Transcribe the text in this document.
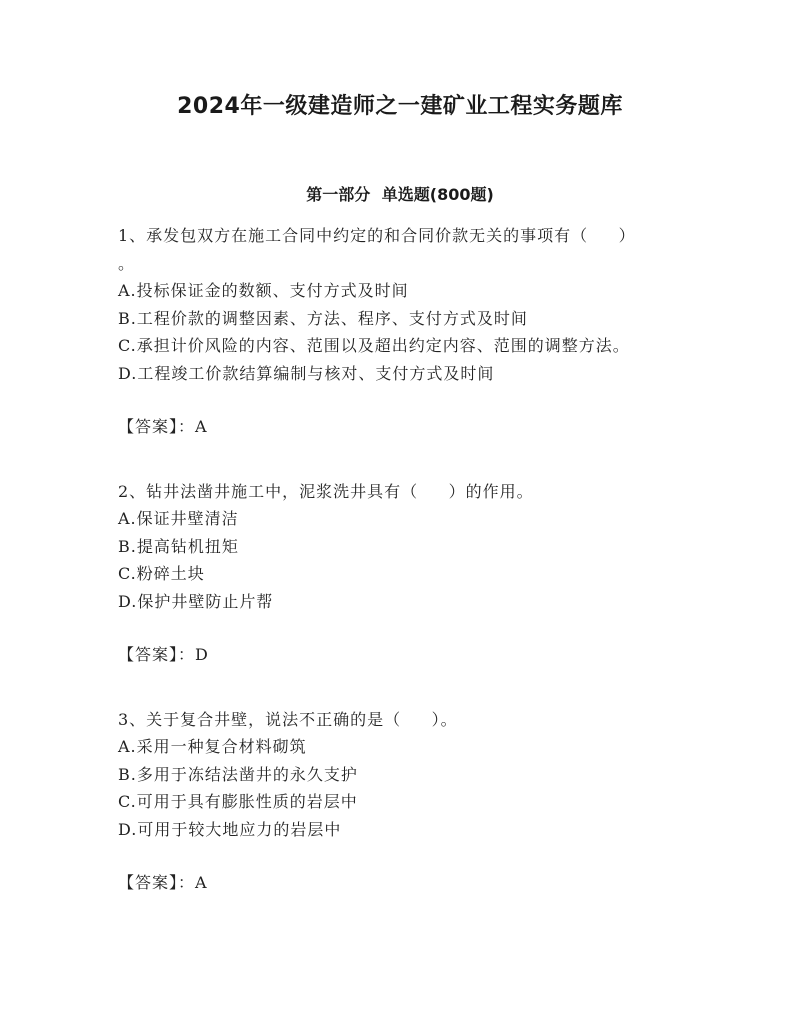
2024年一级建造师之一建矿业工程实务题库
第一部分 单选题(800题)
1、承发包双方在施工合同中约定的和合同价款无关的事项有（     ）
。
A.投标保证金的数额、支付方式及时间
B.工程价款的调整因素、方法、程序、支付方式及时间
C.承担计价风险的内容、范围以及超出约定内容、范围的调整方法。
D.工程竣工价款结算编制与核对、支付方式及时间
【答案】：A
2、钻井法凿井施工中，泥浆洗井具有（     ）的作用。
A.保证井壁清洁
B.提高钻机扭矩
C.粉碎土块
D.保护井壁防止片帮
【答案】：D
3、关于复合井壁，说法不正确的是（     ）。
A.采用一种复合材料砌筑
B.多用于冻结法凿井的永久支护
C.可用于具有膨胀性质的岩层中
D.可用于较大地应力的岩层中
【答案】：A
